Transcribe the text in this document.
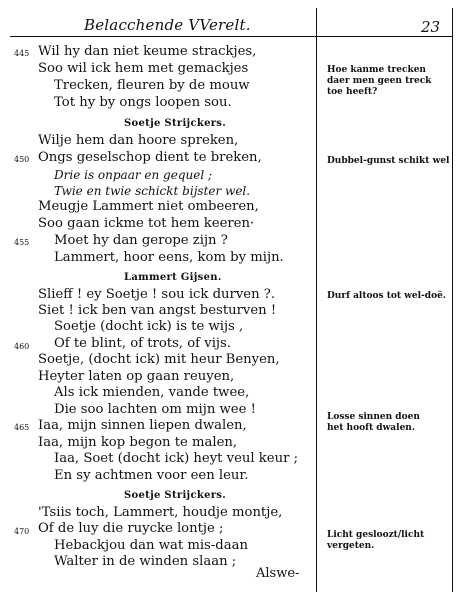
Belacchende VVerelt.	23
445 Wil hy dan niet keume strackjes,
Soo wil ick hem met gemackjes
Trecken, fleuren by de mouw
Tot hy by ongs loopen sou.
Soetje Strijckers.
Wilje hem dan hoore spreken,
450 Ongs geselschop dient te breken,
Drie is onpaar en gequel ;
Twie en twie schickt bijster wel.
Meugje Lammert niet ombeeren,
Soo gaan ickme tot hem keeren·
455 Moet hy dan gerope zijn ?
Lammert, hoor eens, kom by mijn.
Lammert Gijsen.
Slieff ! ey Soetje ! sou ick durven ?.
Siet ! ick ben van angst besturven !
Soetje (docht ick) is te wijs ,
460 Of te blint, of trots, of vijs.
Soetje, (docht ick) mit heur Benyen,
Heyter laten op gaan reuyen,
Als ick mienden, vande twee,
Die soo lachten om mijn wee !
465 Iaa, mijn sinnen liepen dwalen,
Iaa, mijn kop begon te malen,
Iaa, Soet (docht ick) heyt veul keur ;
En sy achtmen voor een leur.
Soetje Strijckers.
'Tsiis toch, Lammert, houdje montje,
470 Of de luy die ruycke lontje ;
Hebackjou dan wat mis-daan
Walter in de winden slaan ;
Alswe-
Hoe kanme trecken daer men geen treck toe heeft?
Dubbel-gunst schikt wel
Durf altoos tot wel-doë.
Losse sinnen doen het hooft dwalen.
Licht gesloozt/licht vergeten.
